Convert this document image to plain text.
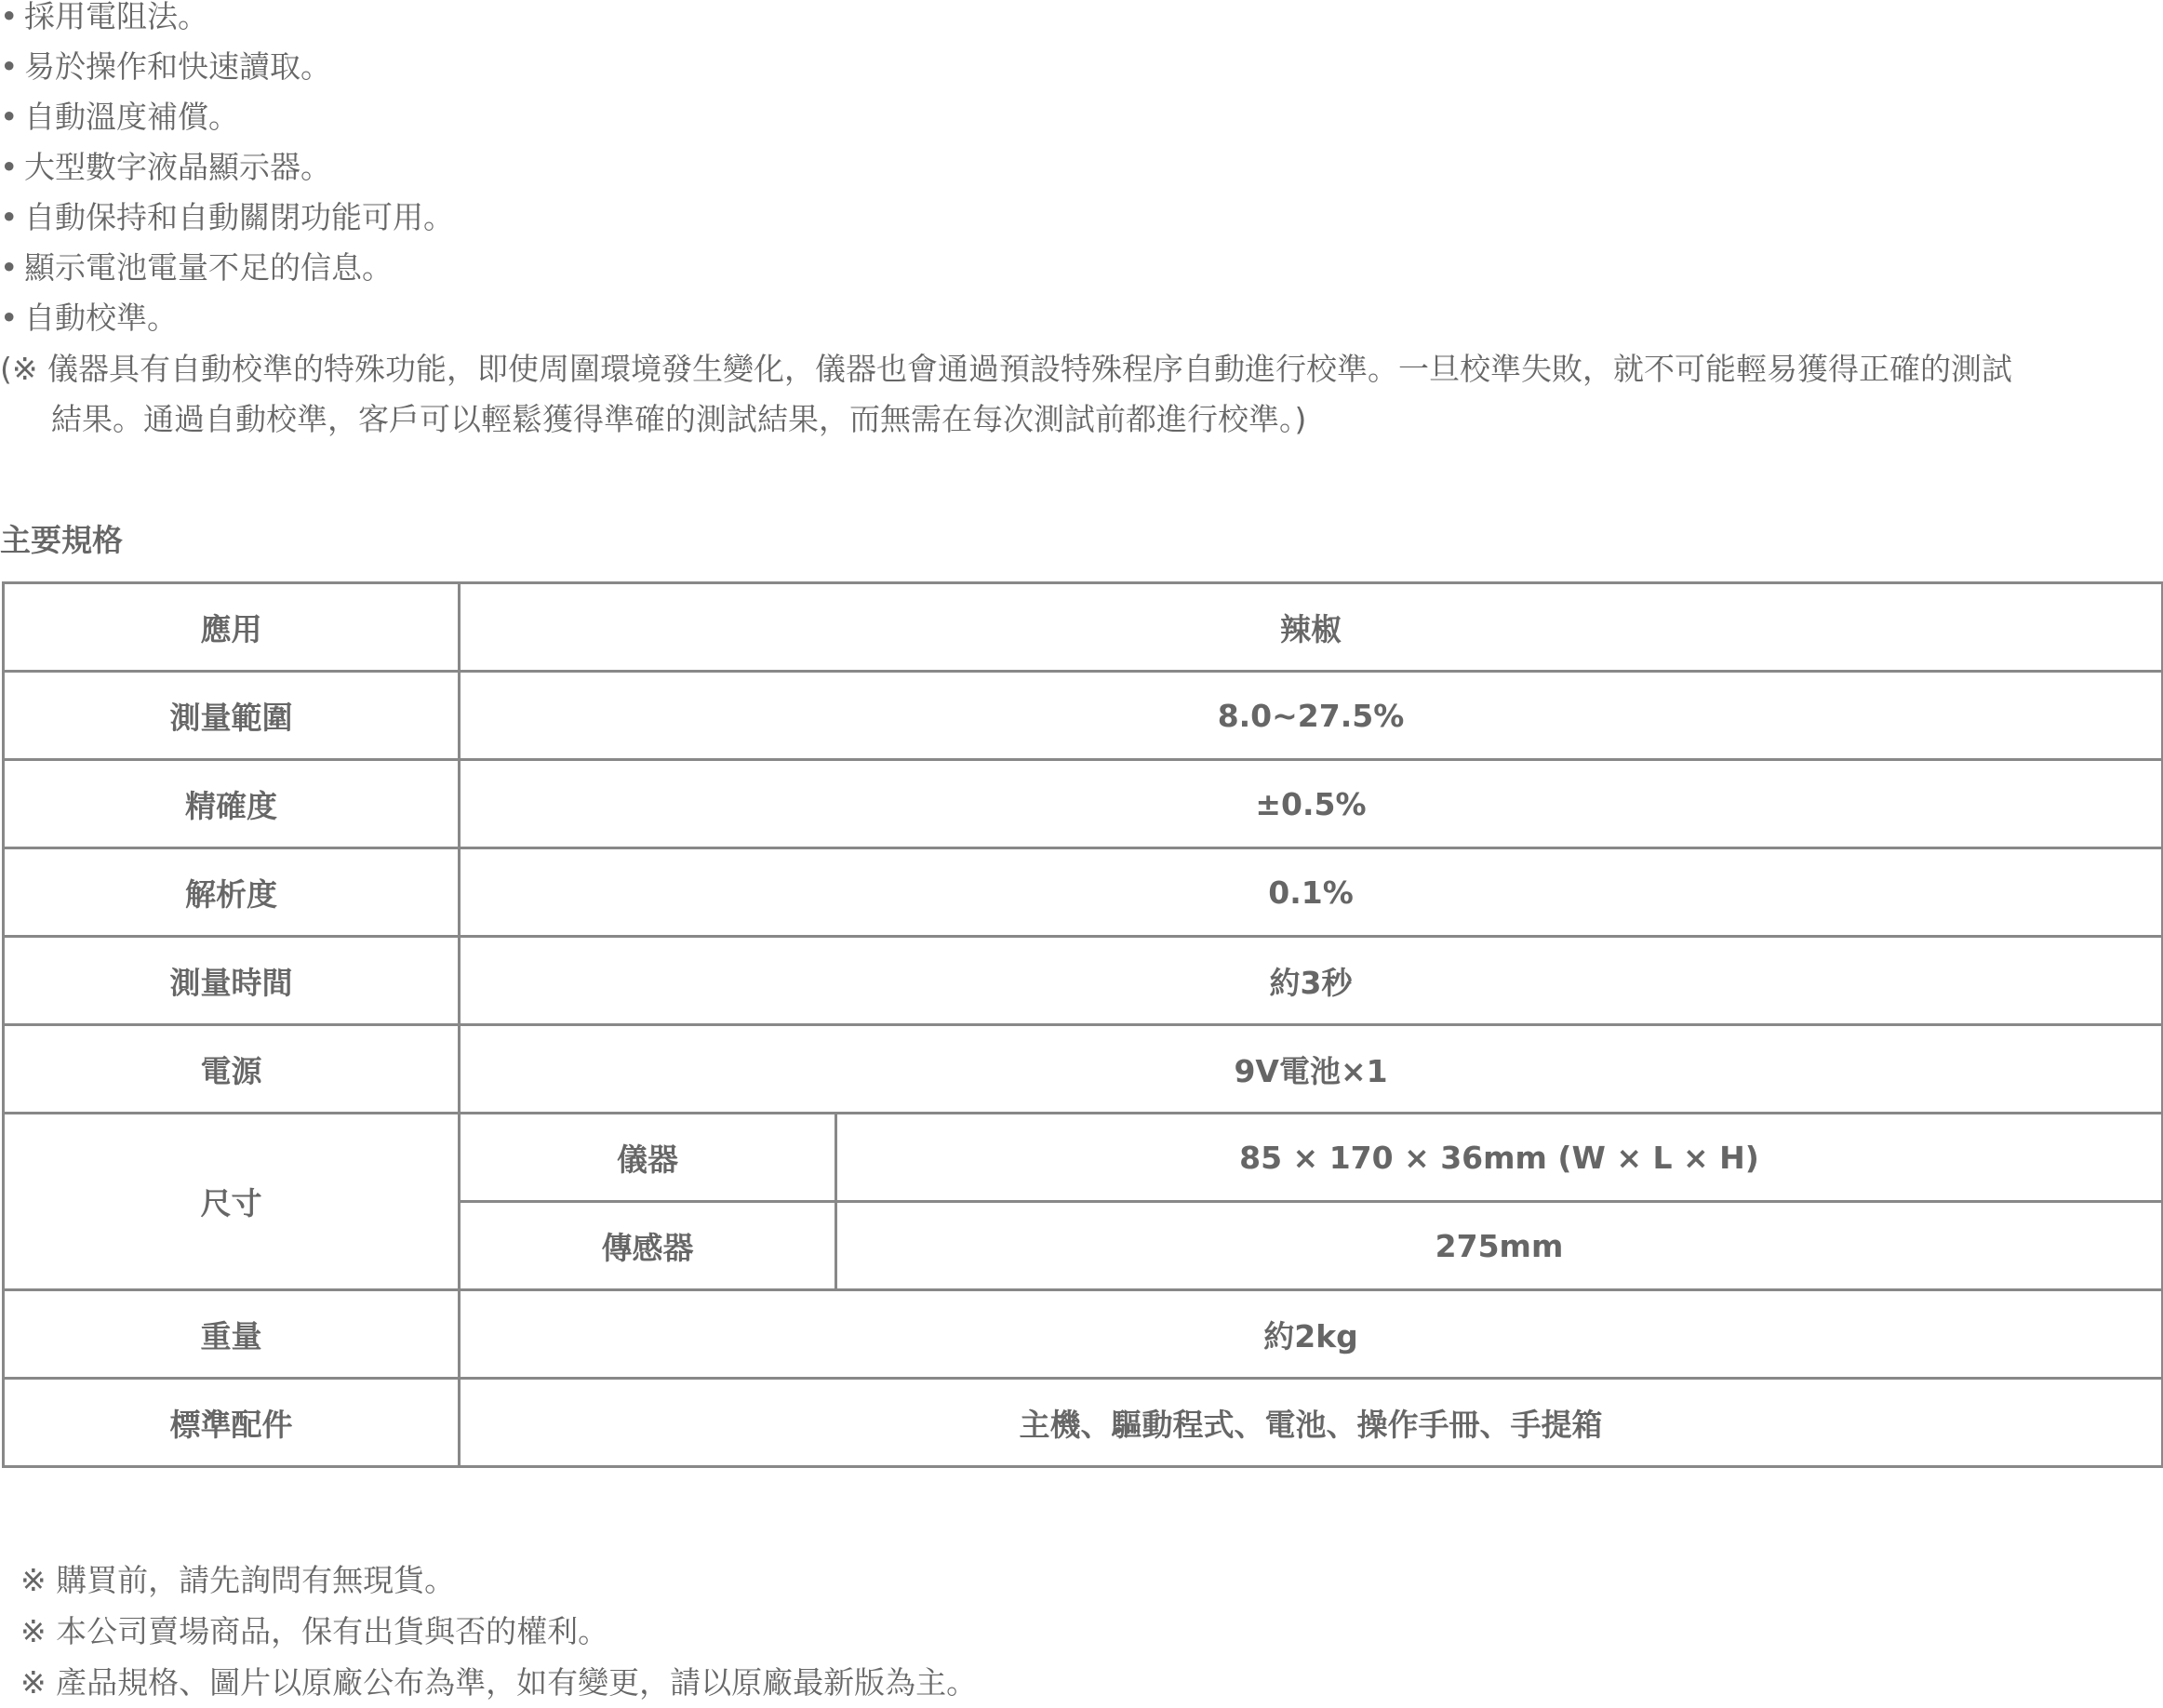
• 採用電阻法。
• 易於操作和快速讀取。
• 自動溫度補償。
• 大型數字液晶顯示器。
• 自動保持和自動關閉功能可用。
• 顯示電池電量不足的信息。
• 自動校準。
(※ 儀器具有自動校準的特殊功能，即使周圍環境發生變化，儀器也會通過預設特殊程序自動進行校準。一旦校準失敗，就不可能輕易獲得正確的測試
結果。通過自動校準，客戶可以輕鬆獲得準確的測試結果，而無需在每次測試前都進行校準。)
主要規格
應用	辣椒	
測量範圍	8.0~27.5%	
精確度	±0.5%	
解析度	0.1%	
測量時間	約3秒	
電源	9V電池×1	
尺寸	儀器	85 × 170 × 36mm (W × L × H)
	傳感器	275mm
重量	約2kg	
標準配件	主機、驅動程式、電池、操作手冊、手提箱	
※ 購買前，請先詢問有無現貨。
※ 本公司賣場商品，保有出貨與否的權利。
※ 產品規格、圖片以原廠公布為準，如有變更，請以原廠最新版為主。
